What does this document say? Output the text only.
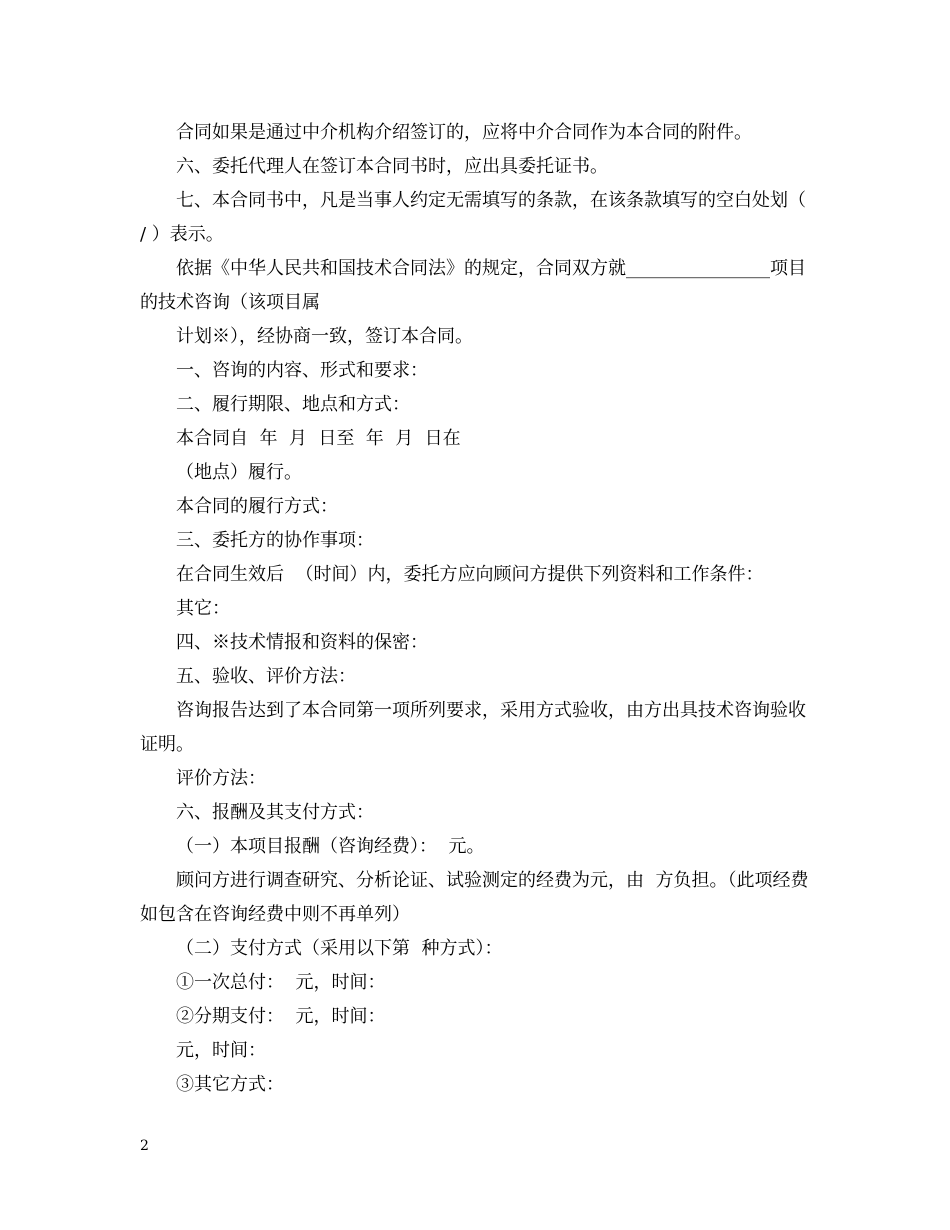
合同如果是通过中介机构介绍签订的，应将中介合同作为本合同的附件。

六、委托代理人在签订本合同书时，应出具委托证书。

七、本合同书中，凡是当事人约定无需填写的条款，在该条款填写的空白处划（ / ）表示。

依据《中华人民共和国技术合同法》的规定，合同双方就________________项目的技术咨询（该项目属

计划※），经协商一致，签订本合同。

一、咨询的内容、形式和要求：

二、履行期限、地点和方式：

本合同自  年  月  日至  年  月  日在

（地点）履行。

本合同的履行方式：

三、委托方的协作事项：

在合同生效后  （时间）内，委托方应向顾问方提供下列资料和工作条件：

其它：

四、※技术情报和资料的保密：

五、验收、评价方法：

咨询报告达到了本合同第一项所列要求，采用方式验收，由方出具技术咨询验收证明。

评价方法：

六、报酬及其支付方式：

（一）本项目报酬（咨询经费）：  元。

顾问方进行调查研究、分析论证、试验测定的经费为元，由  方负担。（此项经费如包含在咨询经费中则不再单列）

（二）支付方式（采用以下第  种方式）：

①一次总付：  元，时间：

②分期支付：  元，时间：

元，时间：

③其它方式：

2
